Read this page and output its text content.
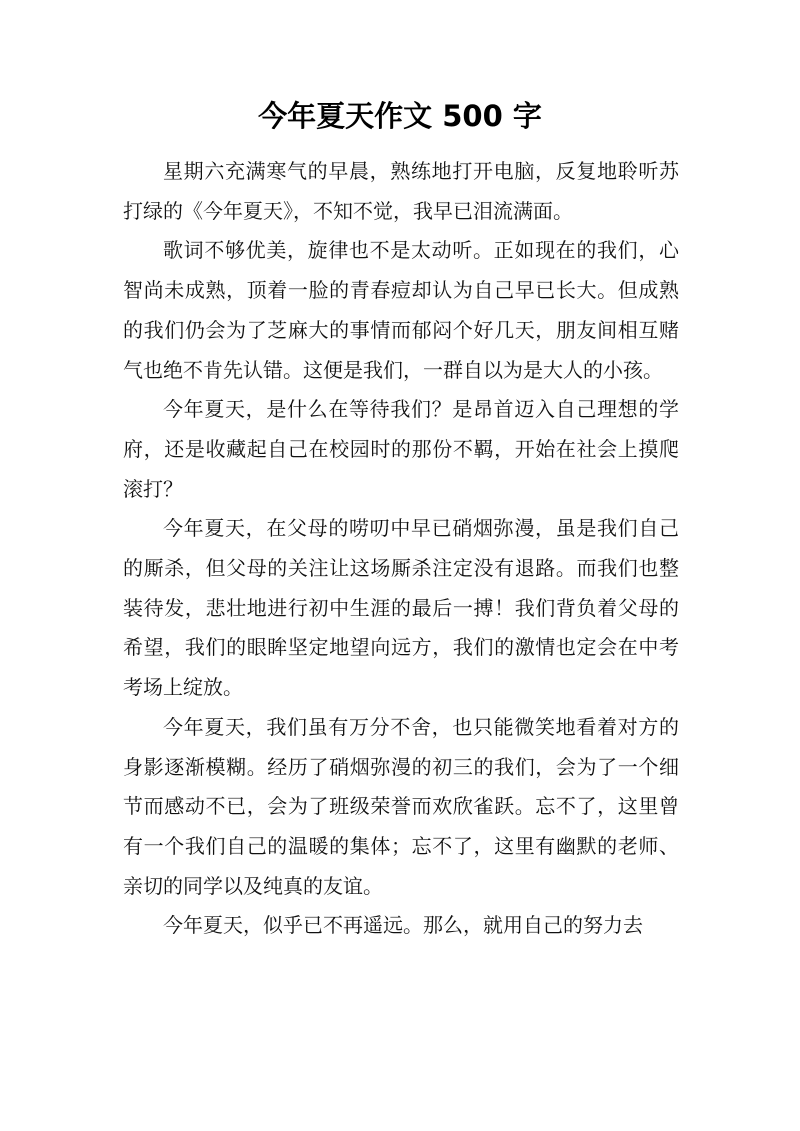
今年夏天作文 500 字

星期六充满寒气的早晨，熟练地打开电脑，反复地聆听苏打绿的《今年夏天》，不知不觉，我早已泪流满面。

歌词不够优美，旋律也不是太动听。正如现在的我们，心智尚未成熟，顶着一脸的青春痘却认为自己早已长大。但成熟的我们仍会为了芝麻大的事情而郁闷个好几天，朋友间相互赌气也绝不肯先认错。这便是我们，一群自以为是大人的小孩。

今年夏天，是什么在等待我们？是昂首迈入自己理想的学府，还是收藏起自己在校园时的那份不羁，开始在社会上摸爬滚打？

今年夏天，在父母的唠叨中早已硝烟弥漫，虽是我们自己的厮杀，但父母的关注让这场厮杀注定没有退路。而我们也整装待发，悲壮地进行初中生涯的最后一搏！我们背负着父母的希望，我们的眼眸坚定地望向远方，我们的激情也定会在中考考场上绽放。

今年夏天，我们虽有万分不舍，也只能微笑地看着对方的身影逐渐模糊。经历了硝烟弥漫的初三的我们，会为了一个细节而感动不已，会为了班级荣誉而欢欣雀跃。忘不了，这里曾有一个我们自己的温暖的集体；忘不了，这里有幽默的老师、亲切的同学以及纯真的友谊。

今年夏天，似乎已不再遥远。那么，就用自己的努力去
